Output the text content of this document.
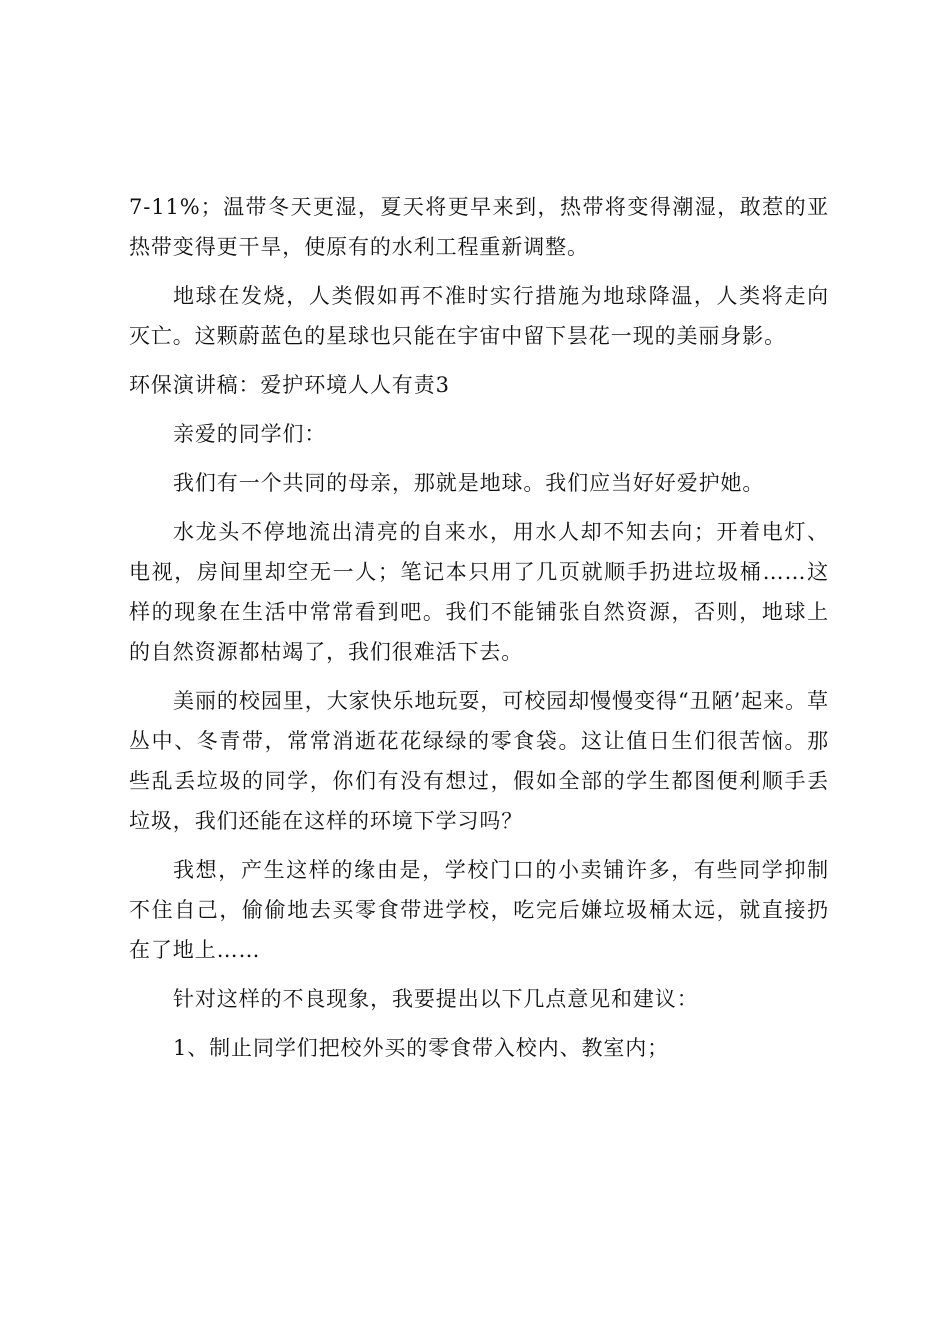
7-11%；温带冬天更湿，夏天将更早来到，热带将变得潮湿，敢惹的亚热带变得更干旱，使原有的水利工程重新调整。

地球在发烧，人类假如再不准时实行措施为地球降温，人类将走向灭亡。这颗蔚蓝色的星球也只能在宇宙中留下昙花一现的美丽身影。

环保演讲稿：爱护环境人人有责3

亲爱的同学们：

我们有一个共同的母亲，那就是地球。我们应当好好爱护她。

水龙头不停地流出清亮的自来水，用水人却不知去向；开着电灯、电视，房间里却空无一人；笔记本只用了几页就顺手扔进垃圾桶……这样的现象在生活中常常看到吧。我们不能铺张自然资源，否则，地球上的自然资源都枯竭了，我们很难活下去。

美丽的校园里，大家快乐地玩耍，可校园却慢慢变得“丑陋’起来。草丛中、冬青带，常常消逝花花绿绿的零食袋。这让值日生们很苦恼。那些乱丢垃圾的同学，你们有没有想过，假如全部的学生都图便利顺手丢垃圾，我们还能在这样的环境下学习吗？

我想，产生这样的缘由是，学校门口的小卖铺许多，有些同学抑制不住自己，偷偷地去买零食带进学校，吃完后嫌垃圾桶太远，就直接扔在了地上……

针对这样的不良现象，我要提出以下几点意见和建议：

1、制止同学们把校外买的零食带入校内、教室内；
